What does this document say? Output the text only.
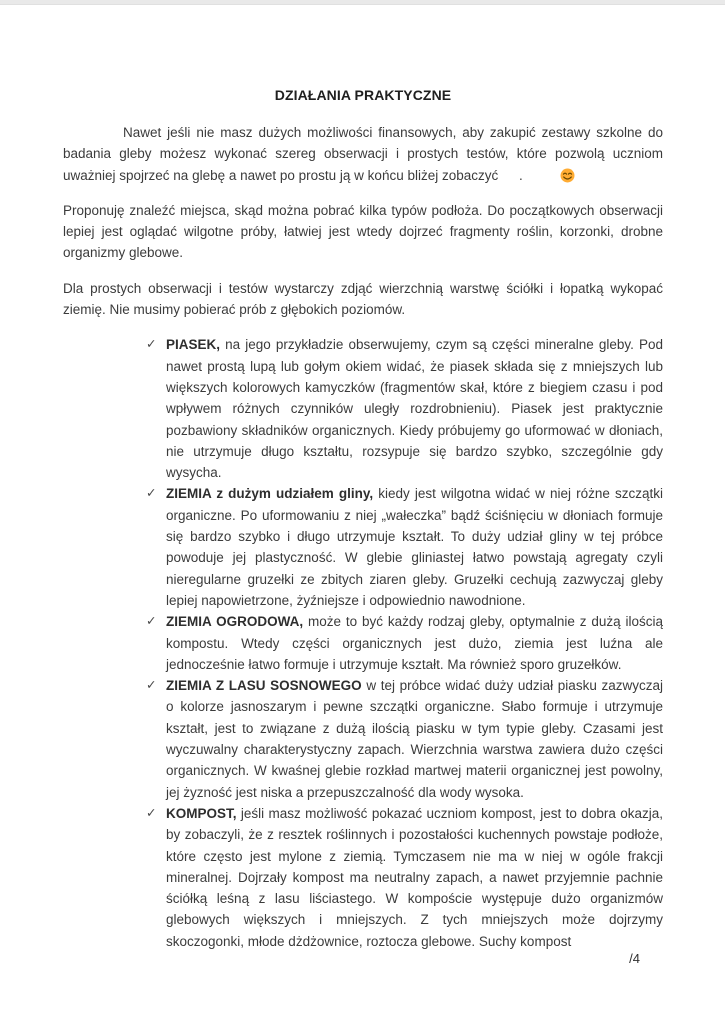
DZIAŁANIA PRAKTYCZNE

Nawet jeśli nie masz dużych możliwości finansowych, aby zakupić zestawy szkolne do badania gleby możesz wykonać szereg obserwacji i prostych testów, które pozwolą uczniom uważniej spojrzeć na glebę a nawet po prostu ją w końcu bliżej zobaczyć .

Proponuję znaleźć miejsca, skąd można pobrać kilka typów podłoża. Do początkowych obserwacji lepiej jest oglądać wilgotne próby, łatwiej jest wtedy dojrzeć fragmenty roślin, korzonki, drobne organizmy glebowe.

Dla prostych obserwacji i testów wystarczy zdjąć wierzchnią warstwę ściółki i łopatką wykopać ziemię. Nie musimy pobierać prób z głębokich poziomów.

✓ PIASEK, na jego przykładzie obserwujemy, czym są części mineralne gleby. Pod nawet prostą lupą lub gołym okiem widać, że piasek składa się z mniejszych lub większych kolorowych kamyczków (fragmentów skał, które z biegiem czasu i pod wpływem różnych czynników uległy rozdrobnieniu). Piasek jest praktycznie pozbawiony składników organicznych. Kiedy próbujemy go uformować w dłoniach, nie utrzymuje długo kształtu, rozsypuje się bardzo szybko, szczególnie gdy wysycha.
✓ ZIEMIA z dużym udziałem gliny, kiedy jest wilgotna widać w niej różne szczątki organiczne. Po uformowaniu z niej „wałeczka” bądź ściśnięciu w dłoniach formuje się bardzo szybko i długo utrzymuje kształt. To duży udział gliny w tej próbce powoduje jej plastyczność. W glebie gliniastej łatwo powstają agregaty czyli nieregularne gruzełki ze zbitych ziaren gleby. Gruzełki cechują zazwyczaj gleby lepiej napowietrzone, żyźniejsze i odpowiednio nawodnione.
✓ ZIEMIA OGRODOWA, może to być każdy rodzaj gleby, optymalnie z dużą ilością kompostu. Wtedy części organicznych jest dużo, ziemia jest luźna ale jednocześnie łatwo formuje i utrzymuje kształt. Ma również sporo gruzełków.
✓ ZIEMIA Z LASU SOSNOWEGO w tej próbce widać duży udział piasku zazwyczaj o kolorze jasnoszarym i pewne szczątki organiczne. Słabo formuje i utrzymuje kształt, jest to związane z dużą ilością piasku w tym typie gleby. Czasami jest wyczuwalny charakterystyczny zapach. Wierzchnia warstwa zawiera dużo części organicznych. W kwaśnej glebie rozkład martwej materii organicznej jest powolny, jej żyzność jest niska a przepuszczalność dla wody wysoka.
✓ KOMPOST, jeśli masz możliwość pokazać uczniom kompost, jest to dobra okazja, by zobaczyli, że z resztek roślinnych i pozostałości kuchennych powstaje podłoże, które często jest mylone z ziemią. Tymczasem nie ma w niej w ogóle frakcji mineralnej. Dojrzały kompost ma neutralny zapach, a nawet przyjemnie pachnie ściółką leśną z lasu liściastego. W kompoście występuje dużo organizmów glebowych większych i mniejszych. Z tych mniejszych może dojrzymy skoczogonki, młode dżdżownice, roztocza glebowe. Suchy kompost
/4
